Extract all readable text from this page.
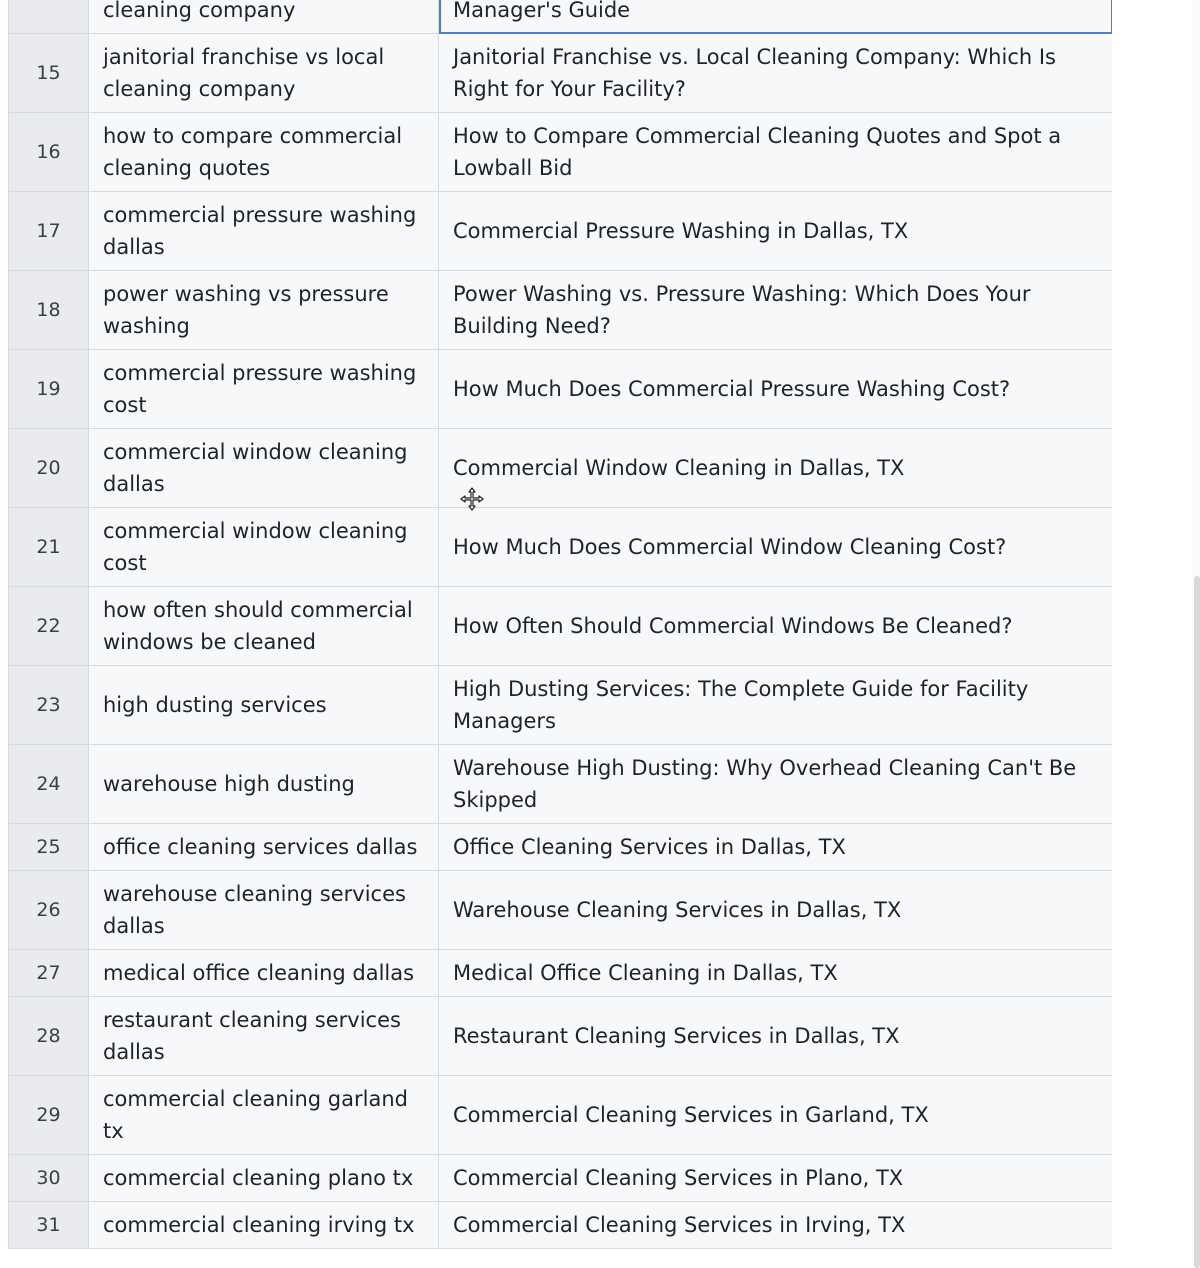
	cleaning company	Manager's Guide
15	janitorial franchise vs local cleaning company	Janitorial Franchise vs. Local Cleaning Company: Which Is Right for Your Facility?
16	how to compare commercial cleaning quotes	How to Compare Commercial Cleaning Quotes and Spot a Lowball Bid
17	commercial pressure washing dallas	Commercial Pressure Washing in Dallas, TX
18	power washing vs pressure washing	Power Washing vs. Pressure Washing: Which Does Your Building Need?
19	commercial pressure washing cost	How Much Does Commercial Pressure Washing Cost?
20	commercial window cleaning dallas	Commercial Window Cleaning in Dallas, TX
21	commercial window cleaning cost	How Much Does Commercial Window Cleaning Cost?
22	how often should commercial windows be cleaned	How Often Should Commercial Windows Be Cleaned?
23	high dusting services	High Dusting Services: The Complete Guide for Facility Managers
24	warehouse high dusting	Warehouse High Dusting: Why Overhead Cleaning Can't Be Skipped
25	office cleaning services dallas	Office Cleaning Services in Dallas, TX
26	warehouse cleaning services dallas	Warehouse Cleaning Services in Dallas, TX
27	medical office cleaning dallas	Medical Office Cleaning in Dallas, TX
28	restaurant cleaning services dallas	Restaurant Cleaning Services in Dallas, TX
29	commercial cleaning garland tx	Commercial Cleaning Services in Garland, TX
30	commercial cleaning plano tx	Commercial Cleaning Services in Plano, TX
31	commercial cleaning irving tx	Commercial Cleaning Services in Irving, TX
